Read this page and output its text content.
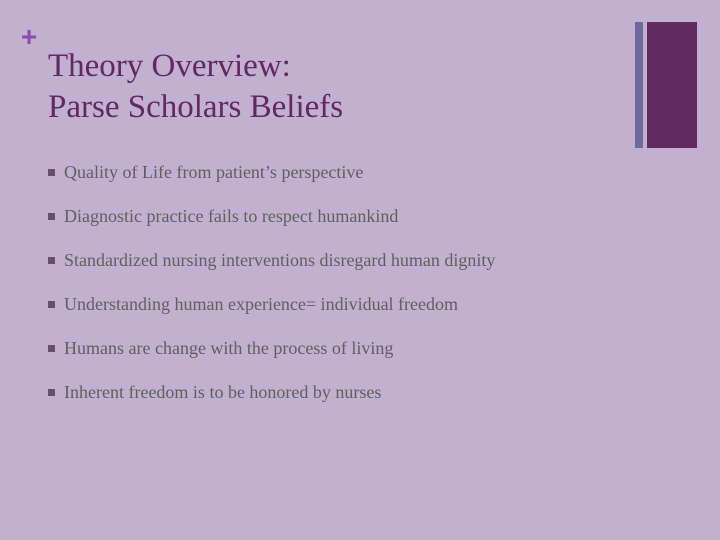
+
Theory Overview:
Parse Scholars Beliefs
Quality of Life from patient’s perspective
Diagnostic practice fails to respect humankind
Standardized nursing interventions disregard human dignity
Understanding human experience= individual freedom
Humans are change with the process of living
Inherent freedom is to be honored by nurses
